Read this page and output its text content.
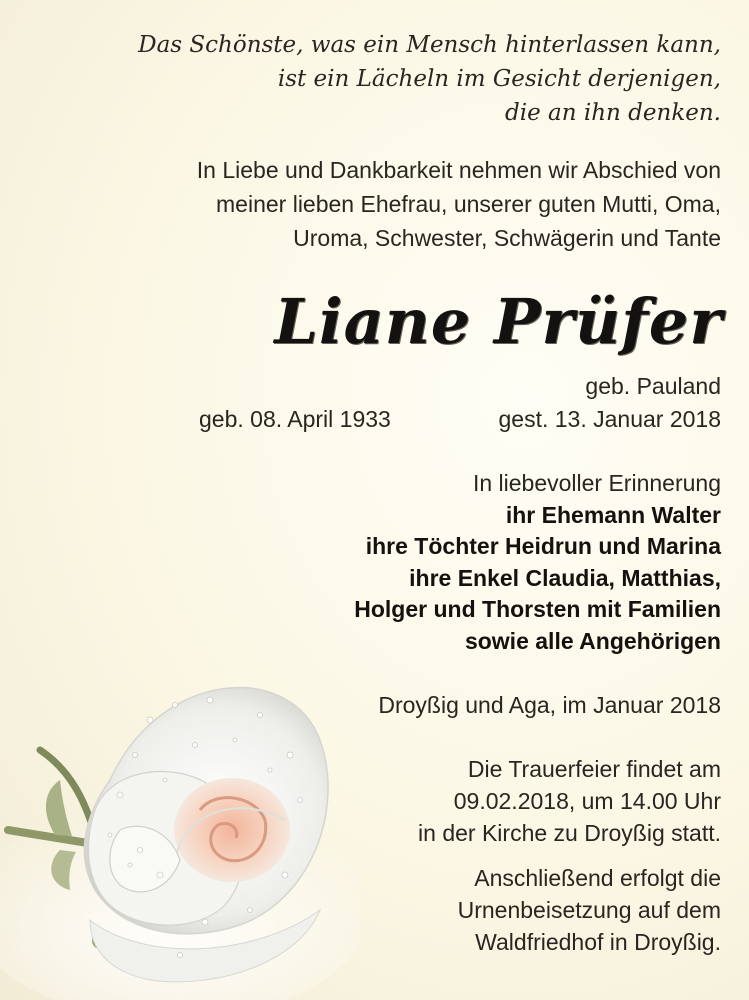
Das Schönste, was ein Mensch hinterlassen kann,
ist ein Lächeln im Gesicht derjenigen,
die an ihn denken.
In Liebe und Dankbarkeit nehmen wir Abschied von
meiner lieben Ehefrau, unserer guten Mutti, Oma,
Uroma, Schwester, Schwägerin und Tante
Liane Prüfer
geb. Pauland
geb. 08. April 1933	gest. 13. Januar 2018
In liebevoller Erinnerung
ihr Ehemann Walter
ihre Töchter Heidrun und Marina
ihre Enkel Claudia, Matthias,
Holger und Thorsten mit Familien
sowie alle Angehörigen
Droyßig und Aga, im Januar 2018
Die Trauerfeier findet am
09.02.2018, um 14.00 Uhr
in der Kirche zu Droyßig statt.
Anschließend erfolgt die
Urnenbeisetzung auf dem
Waldfriedhof in Droyßig.
